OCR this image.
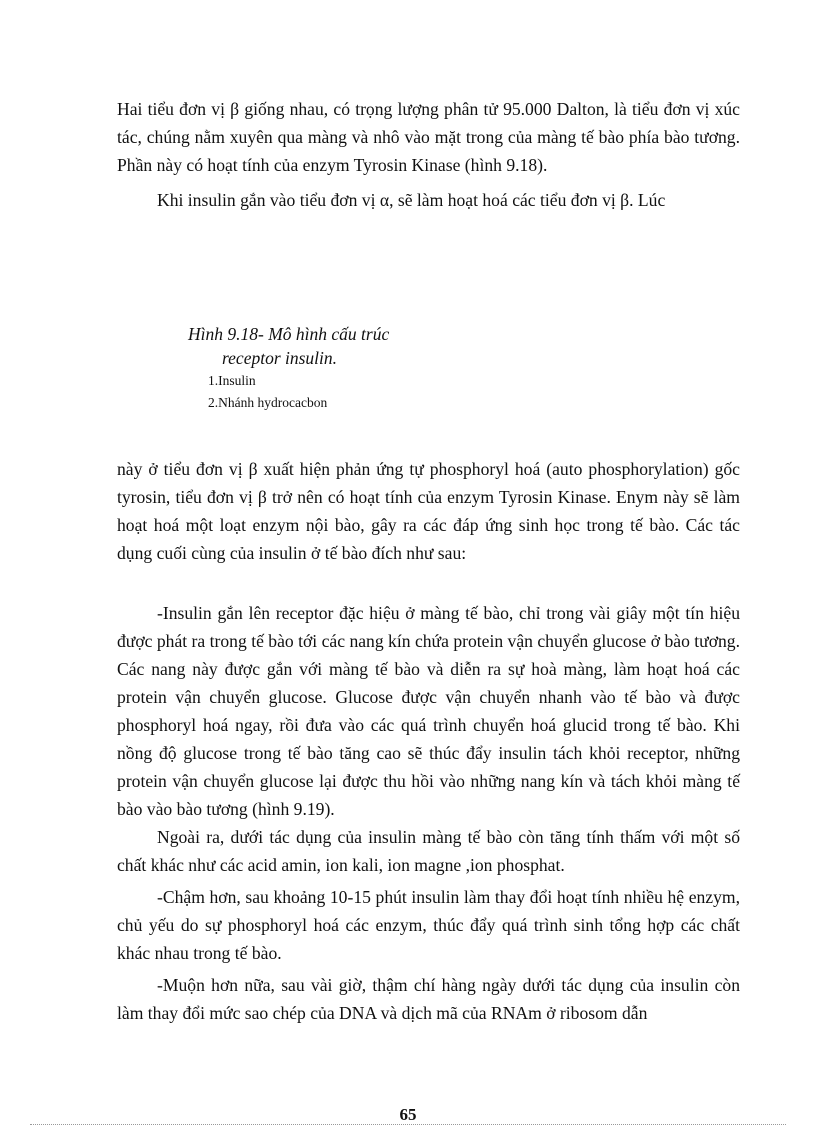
Hai tiểu đơn vị β giống nhau, có trọng lượng phân tử 95.000 Dalton, là tiểu đơn vị xúc tác, chúng nằm xuyên qua màng và nhô vào mặt trong của màng tế bào phía bào tương. Phần này có hoạt tính của enzym Tyrosin Kinase (hình 9.18).

Khi insulin gắn vào tiểu đơn vị α, sẽ làm hoạt hoá các tiểu đơn vị β. Lúc

Hình 9.18- Mô hình cấu trúc
receptor insulin.
1.Insulin
2.Nhánh hydrocacbon

này ở tiểu đơn vị β xuất hiện phản ứng tự phosphoryl hoá (auto phosphorylation) gốc tyrosin, tiểu đơn vị β trở nên có hoạt tính của enzym Tyrosin Kinase. Enym này sẽ làm hoạt hoá một loạt enzym nội bào, gây ra các đáp ứng sinh học trong tế bào. Các tác dụng cuối cùng của insulin ở tế bào đích như sau:

-Insulin gắn lên receptor đặc hiệu ở màng tế bào, chỉ trong vài giây một tín hiệu được phát ra trong tế bào tới các nang kín chứa protein vận chuyển glucose ở bào tương. Các nang này được gắn với màng tế bào và diễn ra sự hoà màng, làm hoạt hoá các protein vận chuyển glucose. Glucose được vận chuyển nhanh vào tế bào và được phosphoryl hoá ngay, rồi đưa vào các quá trình chuyển hoá glucid trong tế bào. Khi nồng độ glucose trong tế bào tăng cao sẽ thúc đẩy insulin tách khỏi receptor, những protein vận chuyển glucose lại được thu hồi vào những nang kín và tách khỏi màng tế bào vào bào tương (hình 9.19).

Ngoài ra, dưới tác dụng của insulin màng tế bào còn tăng tính thấm với một số chất khác như các acid amin, ion kali, ion magne ,ion phosphat.

-Chậm hơn, sau khoảng 10-15 phút insulin làm thay đổi hoạt tính nhiều hệ enzym, chủ yếu do sự phosphoryl hoá các enzym, thúc đẩy quá trình sinh tổng hợp các chất khác nhau trong tế bào.

-Muộn hơn nữa, sau vài giờ, thậm chí hàng ngày dưới tác dụng của insulin còn làm thay đổi mức sao chép của DNA và dịch mã của RNAm ở ribosom dẫn

65
